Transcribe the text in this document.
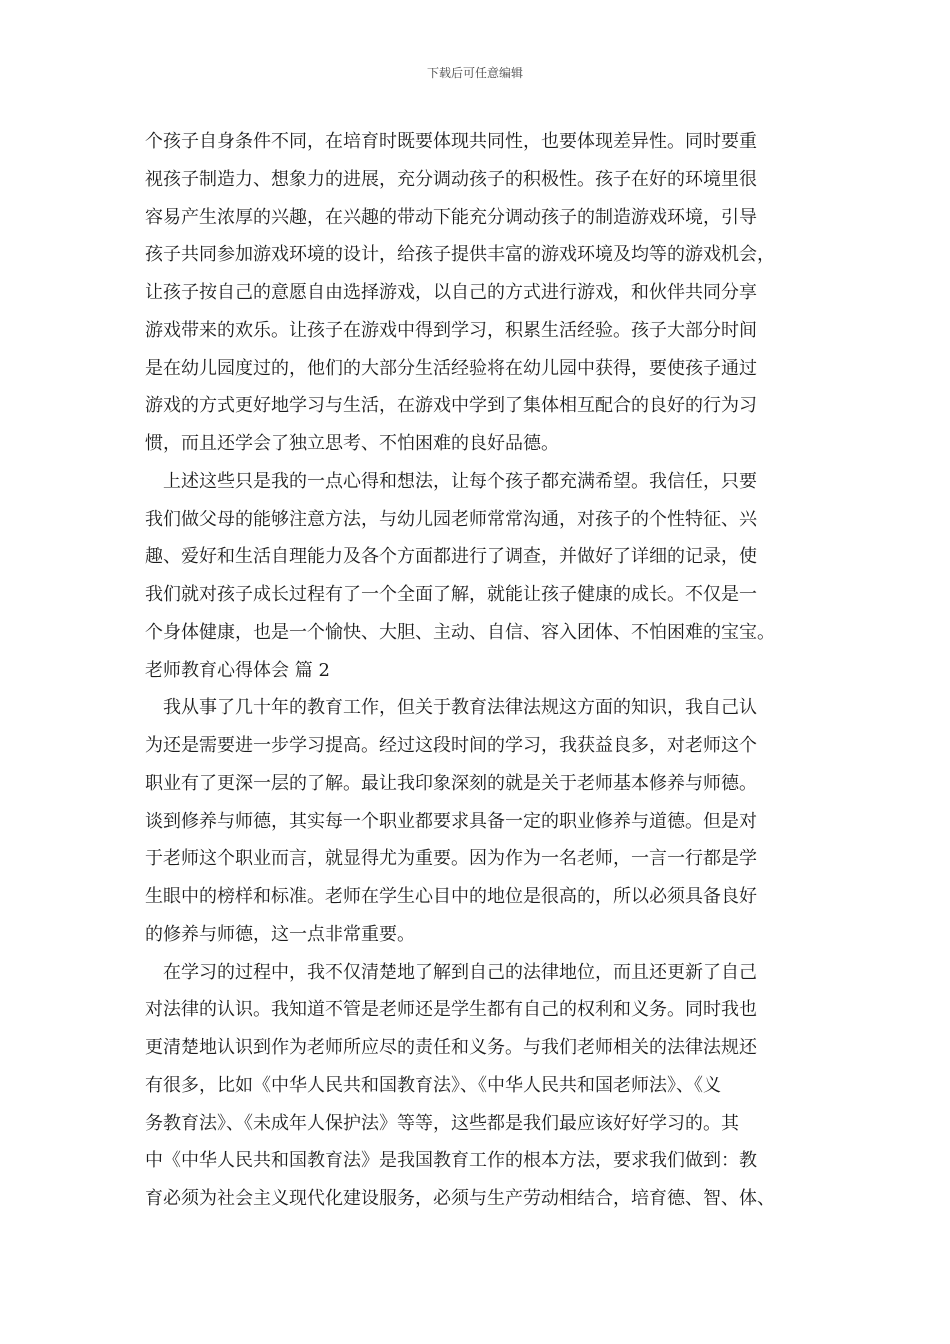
下载后可任意编辑
个孩子自身条件不同，在培育时既要体现共同性，也要体现差异性。同时要重
视孩子制造力、想象力的进展，充分调动孩子的积极性。孩子在好的环境里很
容易产生浓厚的兴趣，在兴趣的带动下能充分调动孩子的制造游戏环境，引导
孩子共同参加游戏环境的设计，给孩子提供丰富的游戏环境及均等的游戏机会，
让孩子按自己的意愿自由选择游戏，以自己的方式进行游戏，和伙伴共同分享
游戏带来的欢乐。让孩子在游戏中得到学习，积累生活经验。孩子大部分时间
是在幼儿园度过的，他们的大部分生活经验将在幼儿园中获得，要使孩子通过
游戏的方式更好地学习与生活，在游戏中学到了集体相互配合的良好的行为习
惯，而且还学会了独立思考、不怕困难的良好品德。
　上述这些只是我的一点心得和想法，让每个孩子都充满希望。我信任，只要
我们做父母的能够注意方法，与幼儿园老师常常沟通，对孩子的个性特征、兴
趣、爱好和生活自理能力及各个方面都进行了调查，并做好了详细的记录，使
我们就对孩子成长过程有了一个全面了解，就能让孩子健康的成长。不仅是一
个身体健康，也是一个愉快、大胆、主动、自信、容入团体、不怕困难的宝宝。
老师教育心得体会 篇 2
　我从事了几十年的教育工作，但关于教育法律法规这方面的知识，我自己认
为还是需要进一步学习提高。经过这段时间的学习，我获益良多，对老师这个
职业有了更深一层的了解。最让我印象深刻的就是关于老师基本修养与师德。
谈到修养与师德，其实每一个职业都要求具备一定的职业修养与道德。但是对
于老师这个职业而言，就显得尤为重要。因为作为一名老师，一言一行都是学
生眼中的榜样和标准。老师在学生心目中的地位是很高的，所以必须具备良好
的修养与师德，这一点非常重要。
　在学习的过程中，我不仅清楚地了解到自己的法律地位，而且还更新了自己
对法律的认识。我知道不管是老师还是学生都有自己的权利和义务。同时我也
更清楚地认识到作为老师所应尽的责任和义务。与我们老师相关的法律法规还
有很多，比如《中华人民共和国教育法》、《中华人民共和国老师法》、《义
务教育法》、《未成年人保护法》等等，这些都是我们最应该好好学习的。其
中《中华人民共和国教育法》是我国教育工作的根本方法，要求我们做到：教
育必须为社会主义现代化建设服务，必须与生产劳动相结合，培育德、智、体、
